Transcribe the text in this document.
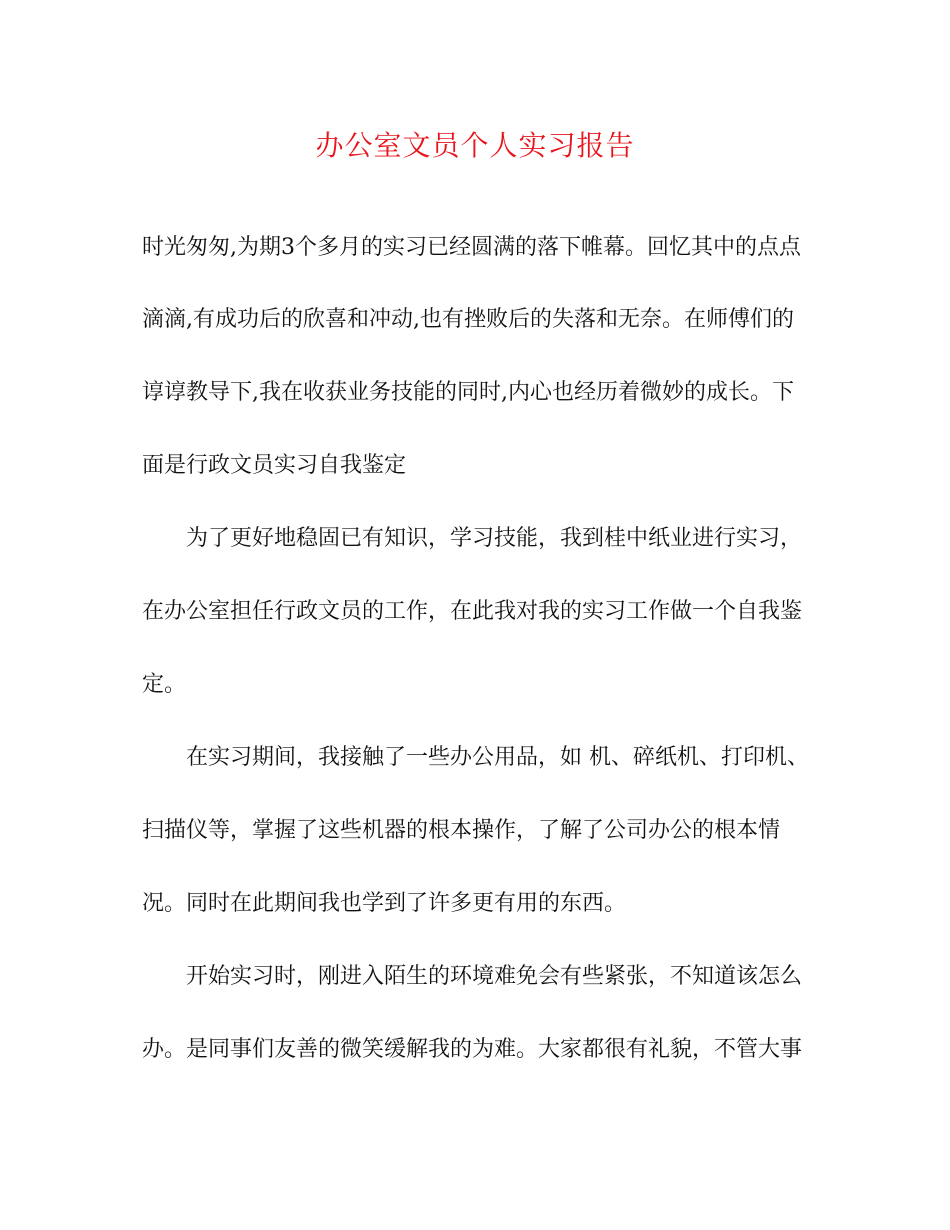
办公室文员个人实习报告
时光匆匆,为期3个多月的实习已经圆满的落下帷幕。回忆其中的点点
滴滴,有成功后的欣喜和冲动,也有挫败后的失落和无奈。在师傅们的
谆谆教导下,我在收获业务技能的同时,内心也经历着微妙的成长。下
面是行政文员实习自我鉴定
为了更好地稳固已有知识，学习技能，我到桂中纸业进行实习，
在办公室担任行政文员的工作，在此我对我的实习工作做一个自我鉴
定。
在实习期间，我接触了一些办公用品，如 机、碎纸机、打印机、
扫描仪等，掌握了这些机器的根本操作，了解了公司办公的根本情
况。同时在此期间我也学到了许多更有用的东西。
开始实习时，刚进入陌生的环境难免会有些紧张，不知道该怎么
办。是同事们友善的微笑缓解我的为难。大家都很有礼貌，不管大事
